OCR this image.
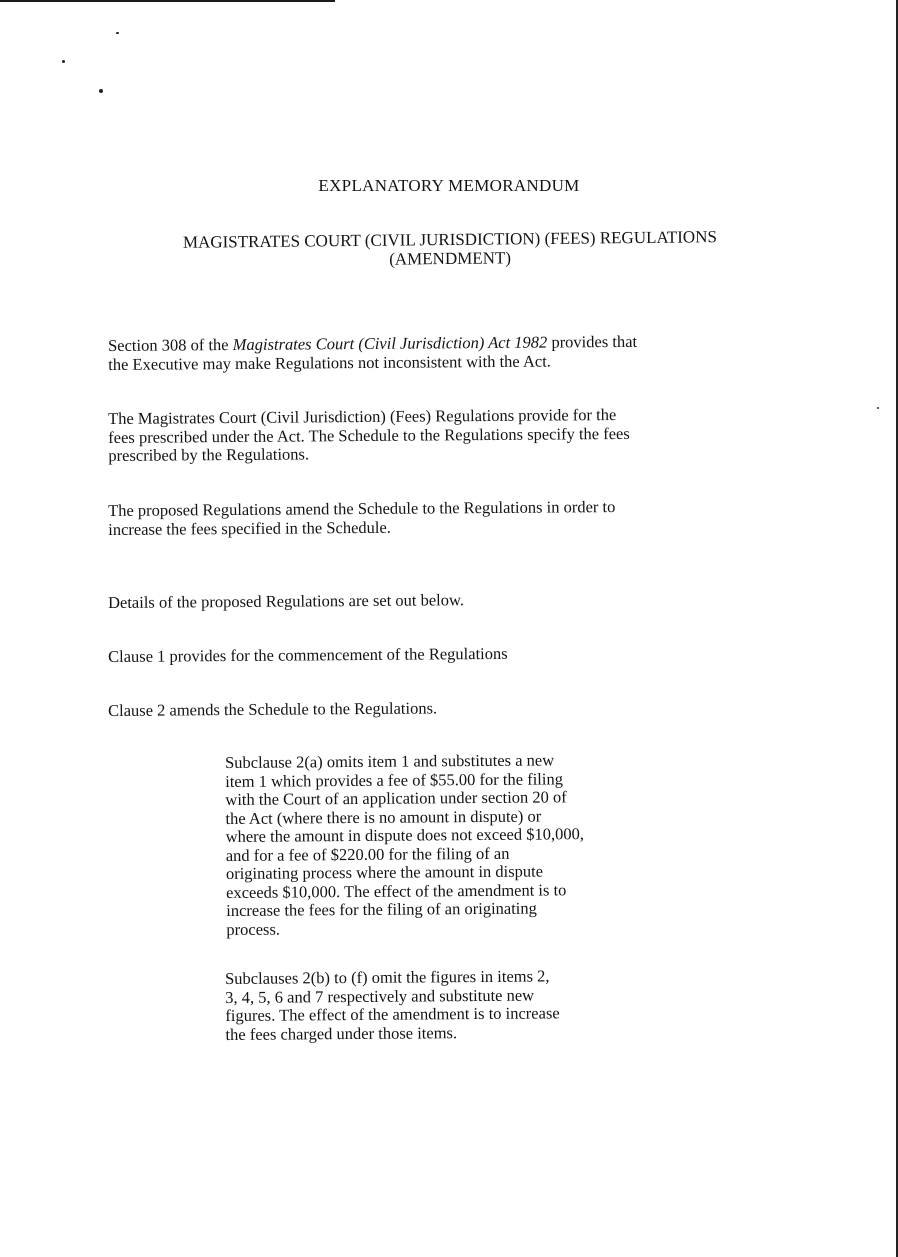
EXPLANATORY MEMORANDUM
MAGISTRATES COURT (CIVIL JURISDICTION) (FEES) REGULATIONS
(AMENDMENT)
Section 308 of the Magistrates Court (Civil Jurisdiction) Act 1982 provides that
the Executive may make Regulations not inconsistent with the Act.
The Magistrates Court (Civil Jurisdiction) (Fees) Regulations provide for the
fees prescribed under the Act. The Schedule to the Regulations specify the fees
prescribed by the Regulations.
The proposed Regulations amend the Schedule to the Regulations in order to
increase the fees specified in the Schedule.
Details of the proposed Regulations are set out below.
Clause 1 provides for the commencement of the Regulations
Clause 2 amends the Schedule to the Regulations.
Subclause 2(a) omits item 1 and substitutes a new
item 1 which provides a fee of $55.00 for the filing
with the Court of an application under section 20 of
the Act (where there is no amount in dispute) or
where the amount in dispute does not exceed $10,000,
and for a fee of $220.00 for the filing of an
originating process where the amount in dispute
exceeds $10,000. The effect of the amendment is to
increase the fees for the filing of an originating
process.
Subclauses 2(b) to (f) omit the figures in items 2,
3, 4, 5, 6 and 7 respectively and substitute new
figures. The effect of the amendment is to increase
the fees charged under those items.
